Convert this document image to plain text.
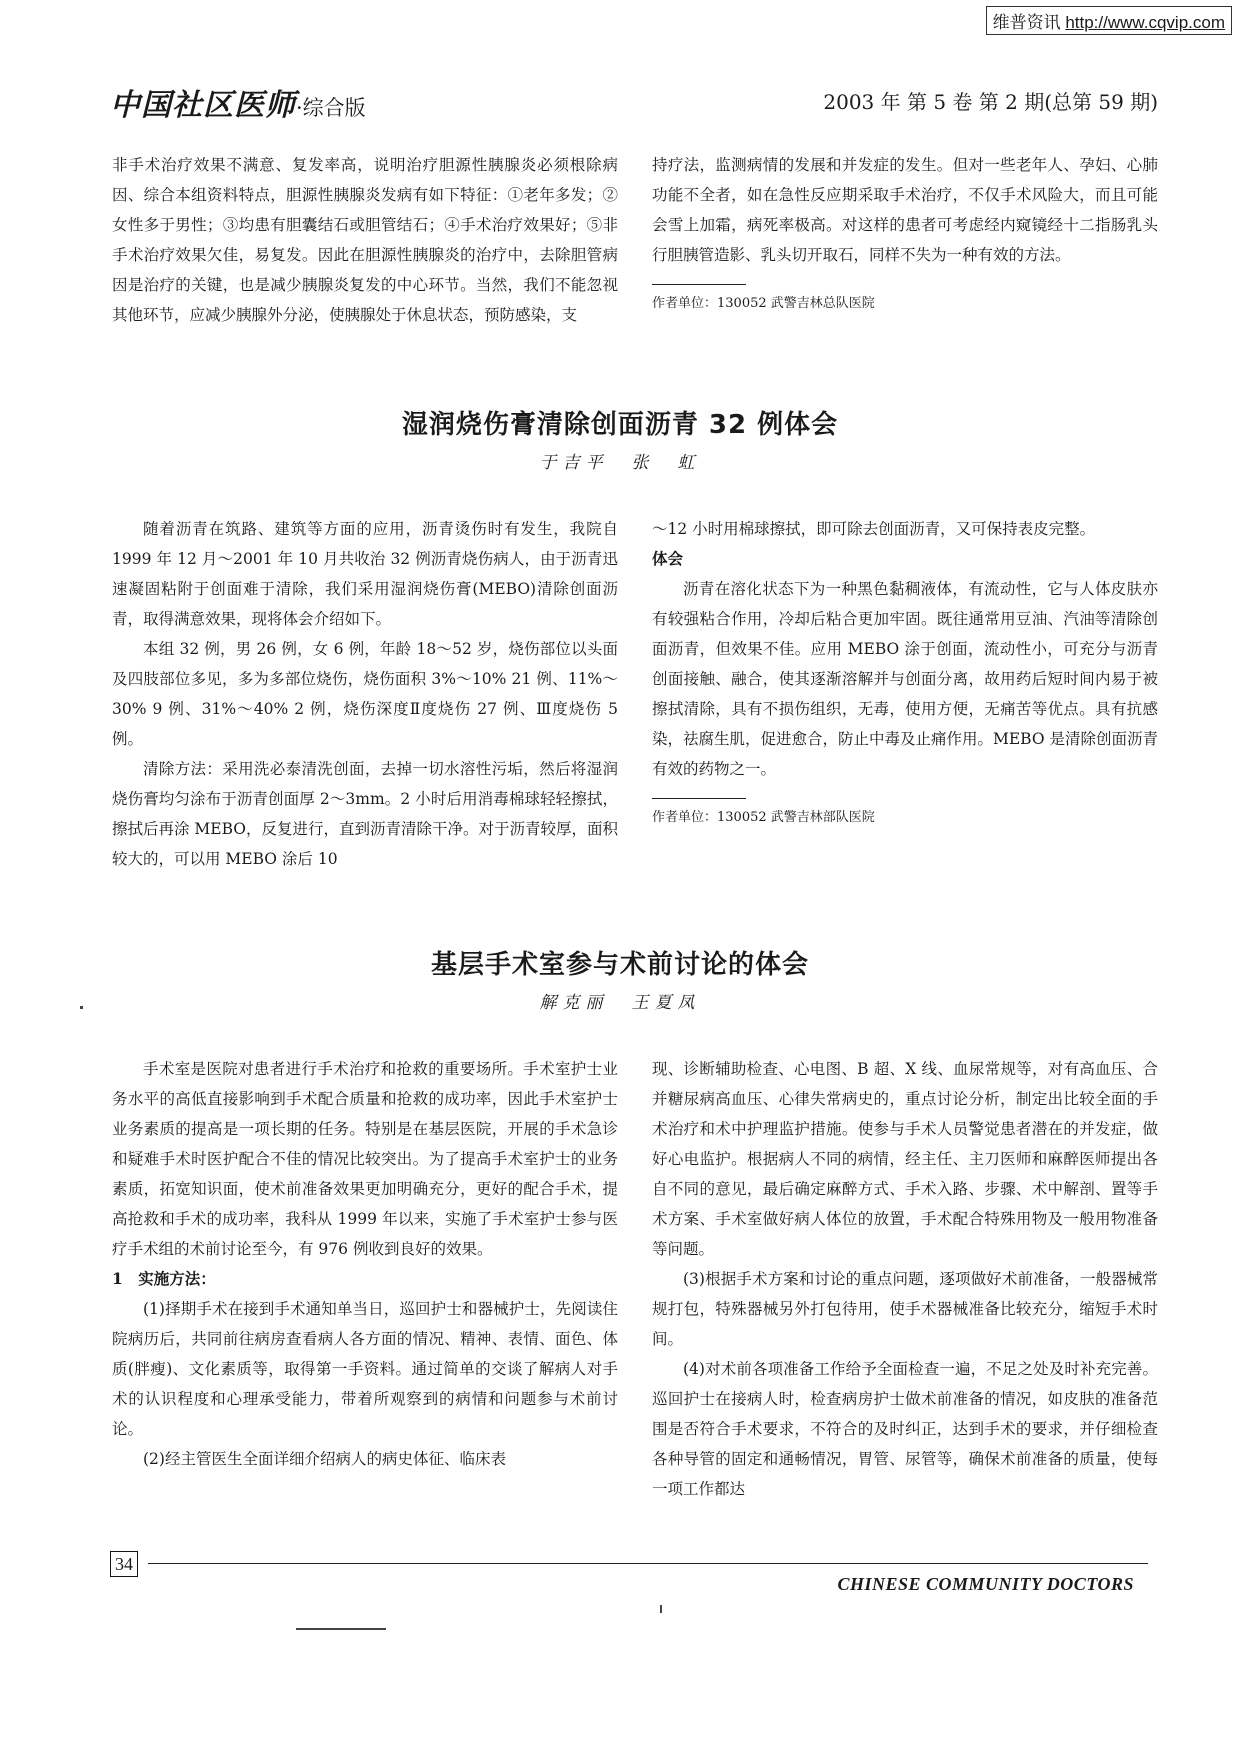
维普资讯 http://www.cqvip.com
中国社区医师·综合版	2003 年 第 5 卷 第 2 期(总第 59 期)

非手术治疗效果不满意、复发率高，说明治疗胆源性胰腺炎必须根除病因、综合本组资料特点，胆源性胰腺炎发病有如下特征：①老年多发；②女性多于男性；③均患有胆囊结石或胆管结石；④手术治疗效果好；⑤非手术治疗效果欠佳，易复发。因此在胆源性胰腺炎的治疗中，去除胆管病因是治疗的关键，也是减少胰腺炎复发的中心环节。当然，我们不能忽视其他环节，应减少胰腺外分泌，使胰腺处于休息状态，预防感染，支

持疗法，监测病情的发展和并发症的发生。但对一些老年人、孕妇、心肺功能不全者，如在急性反应期采取手术治疗，不仅手术风险大，而且可能会雪上加霜，病死率极高。对这样的患者可考虑经内窥镜经十二指肠乳头行胆胰管造影、乳头切开取石，同样不失为一种有效的方法。

作者单位：130052 武警吉林总队医院

湿润烧伤膏清除创面沥青 32 例体会
于吉平　张　虹

随着沥青在筑路、建筑等方面的应用，沥青烫伤时有发生，我院自 1999 年 12 月～2001 年 10 月共收治 32 例沥青烧伤病人，由于沥青迅速凝固粘附于创面难于清除，我们采用湿润烧伤膏(MEBO)清除创面沥青，取得满意效果，现将体会介绍如下。

本组 32 例，男 26 例，女 6 例，年龄 18～52 岁，烧伤部位以头面及四肢部位多见，多为多部位烧伤，烧伤面积 3%～10% 21 例、11%～30% 9 例、31%～40% 2 例，烧伤深度Ⅱ度烧伤 27 例、Ⅲ度烧伤 5 例。

清除方法：采用洗必泰清洗创面，去掉一切水溶性污垢，然后将湿润烧伤膏均匀涂布于沥青创面厚 2～3mm。2 小时后用消毒棉球轻轻擦拭，擦拭后再涂 MEBO，反复进行，直到沥青清除干净。对于沥青较厚，面积较大的，可以用 MEBO 涂后 10

～12 小时用棉球擦拭，即可除去创面沥青，又可保持表皮完整。

体会

沥青在溶化状态下为一种黑色黏稠液体，有流动性，它与人体皮肤亦有较强粘合作用，冷却后粘合更加牢固。既往通常用豆油、汽油等清除创面沥青，但效果不佳。应用 MEBO 涂于创面，流动性小，可充分与沥青创面接触、融合，使其逐渐溶解并与创面分离，故用药后短时间内易于被擦拭清除，具有不损伤组织，无毒，使用方便，无痛苦等优点。具有抗感染，祛腐生肌，促进愈合，防止中毒及止痛作用。MEBO 是清除创面沥青有效的药物之一。

作者单位：130052 武警吉林部队医院

基层手术室参与术前讨论的体会
解克丽　王夏凤

手术室是医院对患者进行手术治疗和抢救的重要场所。手术室护士业务水平的高低直接影响到手术配合质量和抢救的成功率，因此手术室护士业务素质的提高是一项长期的任务。特别是在基层医院，开展的手术急诊和疑难手术时医护配合不佳的情况比较突出。为了提高手术室护士的业务素质，拓宽知识面，使术前准备效果更加明确充分，更好的配合手术，提高抢救和手术的成功率，我科从 1999 年以来，实施了手术室护士参与医疗手术组的术前讨论至今，有 976 例收到良好的效果。

1　实施方法：

(1)择期手术在接到手术通知单当日，巡回护士和器械护士，先阅读住院病历后，共同前往病房查看病人各方面的情况、精神、表情、面色、体质(胖瘦)、文化素质等，取得第一手资料。通过简单的交谈了解病人对手术的认识程度和心理承受能力，带着所观察到的病情和问题参与术前讨论。

(2)经主管医生全面详细介绍病人的病史体征、临床表

现、诊断辅助检查、心电图、B 超、X 线、血尿常规等，对有高血压、合并糖尿病高血压、心律失常病史的，重点讨论分析，制定出比较全面的手术治疗和术中护理监护措施。使参与手术人员警觉患者潜在的并发症，做好心电监护。根据病人不同的病情，经主任、主刀医师和麻醉医师提出各自不同的意见，最后确定麻醉方式、手术入路、步骤、术中解剖、置等手术方案、手术室做好病人体位的放置，手术配合特殊用物及一般用物准备等问题。

(3)根据手术方案和讨论的重点问题，逐项做好术前准备，一般器械常规打包，特殊器械另外打包待用，使手术器械准备比较充分，缩短手术时间。

(4)对术前各项准备工作给予全面检查一遍，不足之处及时补充完善。巡回护士在接病人时，检查病房护士做术前准备的情况，如皮肤的准备范围是否符合手术要求，不符合的及时纠正，达到手术的要求，并仔细检查各种导管的固定和通畅情况，胃管、尿管等，确保术前准备的质量，使每一项工作都达

34
CHINESE COMMUNITY DOCTORS
